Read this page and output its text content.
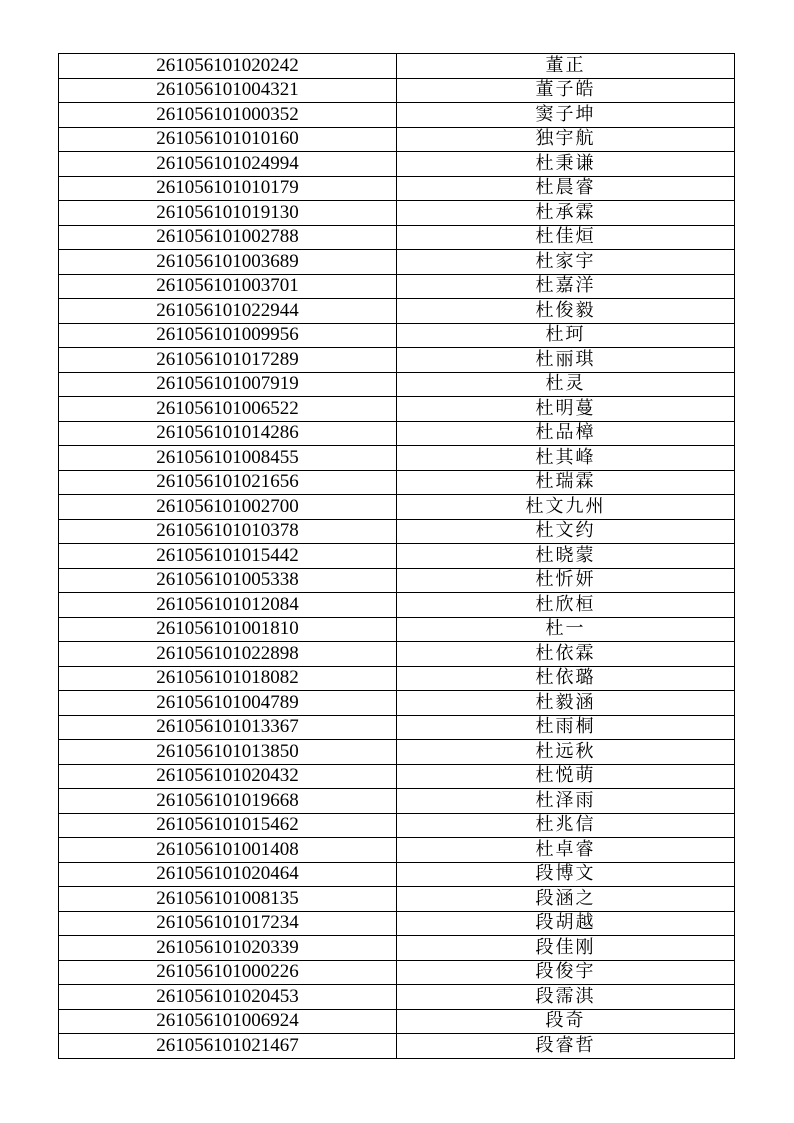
261056101020242	董正
261056101004321	董子皓
261056101000352	窦子坤
261056101010160	独宇航
261056101024994	杜秉谦
261056101010179	杜晨睿
261056101019130	杜承霖
261056101002788	杜佳烜
261056101003689	杜家宇
261056101003701	杜嘉洋
261056101022944	杜俊毅
261056101009956	杜珂
261056101017289	杜丽琪
261056101007919	杜灵
261056101006522	杜明蔓
261056101014286	杜品樟
261056101008455	杜其峰
261056101021656	杜瑞霖
261056101002700	杜文九州
261056101010378	杜文约
261056101015442	杜晓蒙
261056101005338	杜忻妍
261056101012084	杜欣桓
261056101001810	杜一
261056101022898	杜依霖
261056101018082	杜依璐
261056101004789	杜毅涵
261056101013367	杜雨桐
261056101013850	杜远秋
261056101020432	杜悦萌
261056101019668	杜泽雨
261056101015462	杜兆信
261056101001408	杜卓睿
261056101020464	段博文
261056101008135	段涵之
261056101017234	段胡越
261056101020339	段佳刚
261056101000226	段俊宇
261056101020453	段霈淇
261056101006924	段奇
261056101021467	段睿哲
